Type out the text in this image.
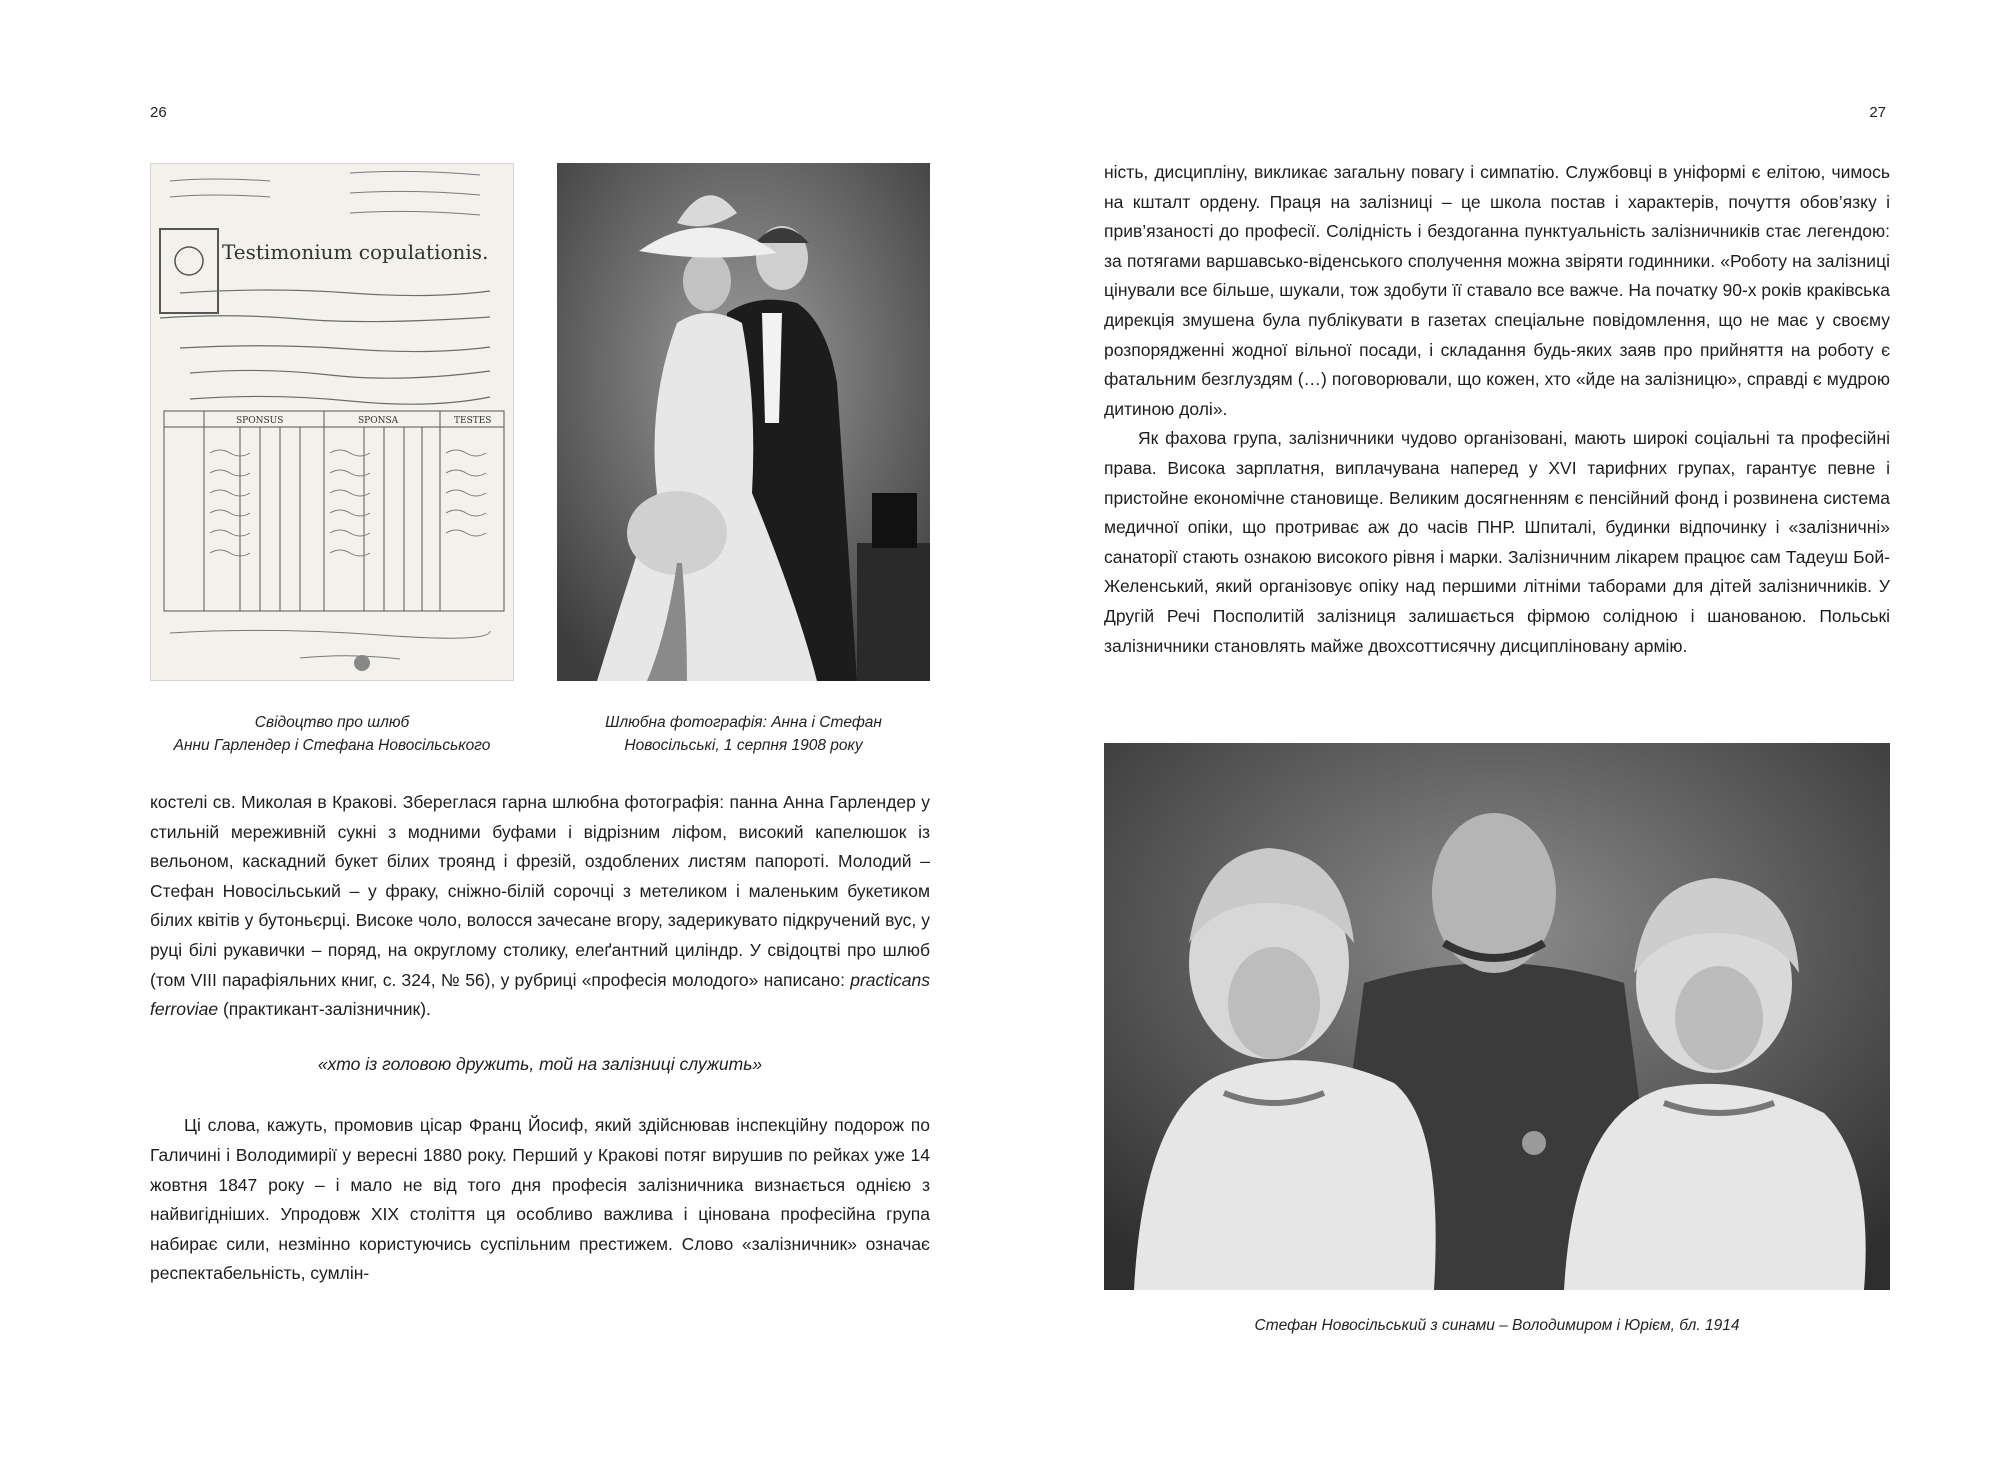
26
Testimonium copulationis.
SPONSUS	SPONSA	TESTES
Свідоцтво про шлюб
Анни Гарлендер і Стефана Новосільського
Шлюбна фотографія: Анна і Стефан
Новосільські, 1 серпня 1908 року

костелі св. Миколая в Кракові. Збереглася гарна шлюбна фотографія: панна Анна Гарлендер у стильній мереживній сукні з модними буфами і відрізним ліфом, високий капелюшок із вельоном, каскадний букет білих троянд і фрезій, оздоблених листям папороті. Молодий – Стефан Новосільський – у фраку, сніжно-білій сорочці з метеликом і маленьким букетиком білих квітів у бутоньєрці. Високе чоло, волосся зачесане вгору, задерикувато підкручений вус, у руці білі рукавички – поряд, на округлому столику, елеґантний циліндр. У свідоцтві про шлюб (том VIII парафіяльних книг, с. 324, № 56), у рубриці «професія молодого» написано: practicans ferroviae (практикант-залізничник).

«хто із головою дружить, той на залізниці служить»

Ці слова, кажуть, промовив цісар Франц Йосиф, який здійснював інспекційну подорож по Галичині і Володимирії у вересні 1880 року. Перший у Кракові потяг вирушив по рейках уже 14 жовтня 1847 року – і мало не від того дня професія залізничника визнається однією з найвигідніших. Упродовж ХІХ століття ця особливо важлива і цінована професійна група набирає сили, незмінно користуючись суспільним престижем. Слово «залізничник» означає респектабельність, сумлін-

27

ність, дисципліну, викликає загальну повагу і симпатію. Службовці в уніформі є елітою, чимось на кшталт ордену. Праця на залізниці – це школа постав і характерів, почуття обов’язку і прив’язаності до професії. Солідність і бездоганна пунктуальність залізничників стає легендою: за потягами варшавсько-віденського сполучення можна звіряти годинники. «Роботу на залізниці цінували все більше, шукали, тож здобути її ставало все важче. На початку 90-х років краківська дирекція змушена була публікувати в газетах спеціальне повідомлення, що не має у своєму розпорядженні жодної вільної посади, і складання будь-яких заяв про прийняття на роботу є фатальним безглуздям (…) поговорювали, що кожен, хто «йде на залізницю», справді є мудрою дитиною долі».

Як фахова група, залізничники чудово організовані, мають широкі соціальні та професійні права. Висока зарплатня, виплачувана наперед у XVI тарифних групах, гарантує певне і пристойне економічне становище. Великим досягненням є пенсійний фонд і розвинена система медичної опіки, що протриває аж до часів ПНР. Шпиталі, будинки відпочинку і «залізничні» санаторії стають ознакою високого рівня і марки. Залізничним лікарем працює сам Тадеуш Бой-Желенський, який організовує опіку над першими літніми таборами для дітей залізничників. У Другій Речі Посполитій залізниця залишається фірмою солідною і шанованою. Польські залізничники становлять майже двохсоттисячну дисципліновану армію.

Стефан Новосільський з синами – Володимиром і Юрієм, бл. 1914
